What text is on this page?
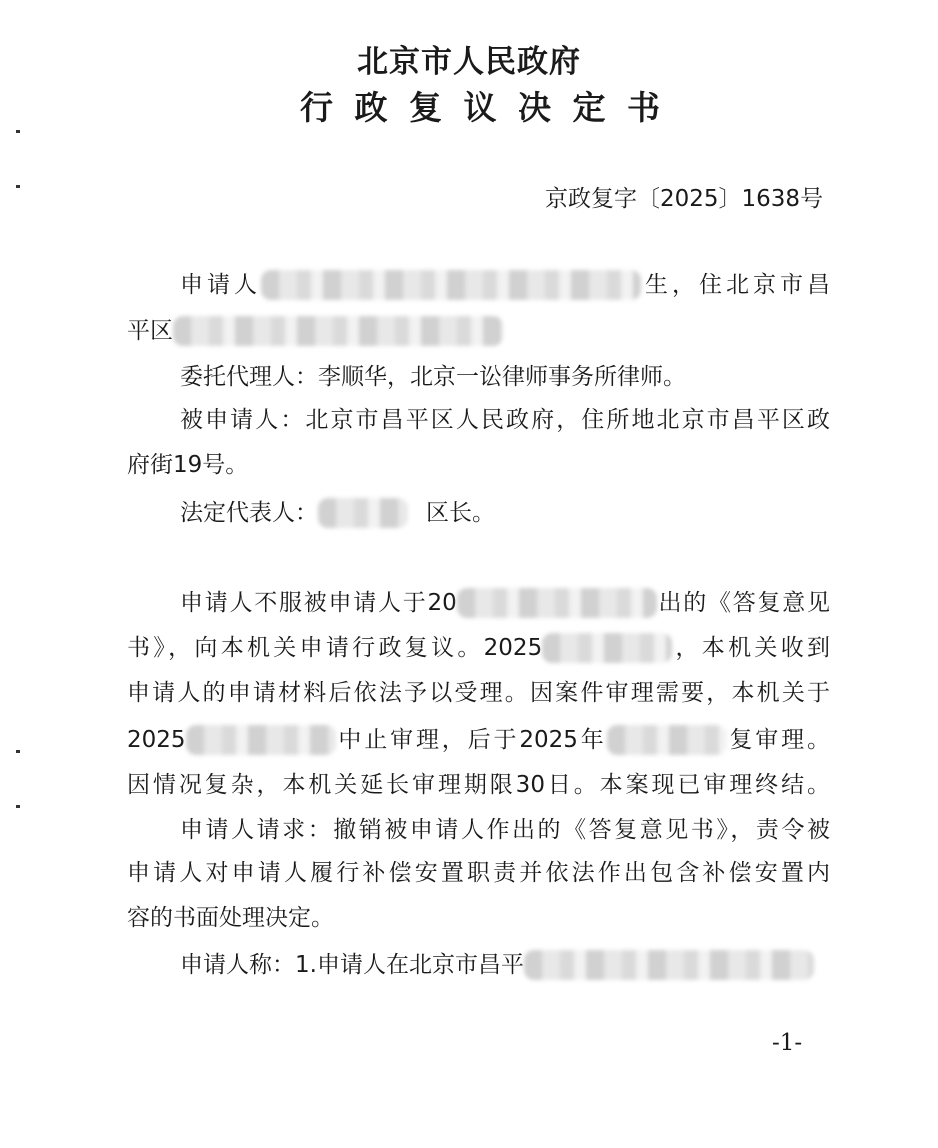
北京市人民政府
行政复议决定书
京政复字〔2025〕1638号
申请人	生，住北京市昌
平区
委托代理人：李顺华，北京一讼律师事务所律师。
被申请人：北京市昌平区人民政府，住所地北京市昌平区政
府街19号。
法定代表人：	区长。
申请人不服被申请人于20	出的《答复意见
书》，向本机关申请行政复议。2025	，本机关收到
申请人的申请材料后依法予以受理。因案件审理需要，本机关于
2025	中止审理，后于2025年	复审理。
因情况复杂，本机关延长审理期限30日。本案现已审理终结。
申请人请求：撤销被申请人作出的《答复意见书》，责令被
申请人对申请人履行补偿安置职责并依法作出包含补偿安置内
容的书面处理决定。
申请人称：1.申请人在北京市昌平
-1-
